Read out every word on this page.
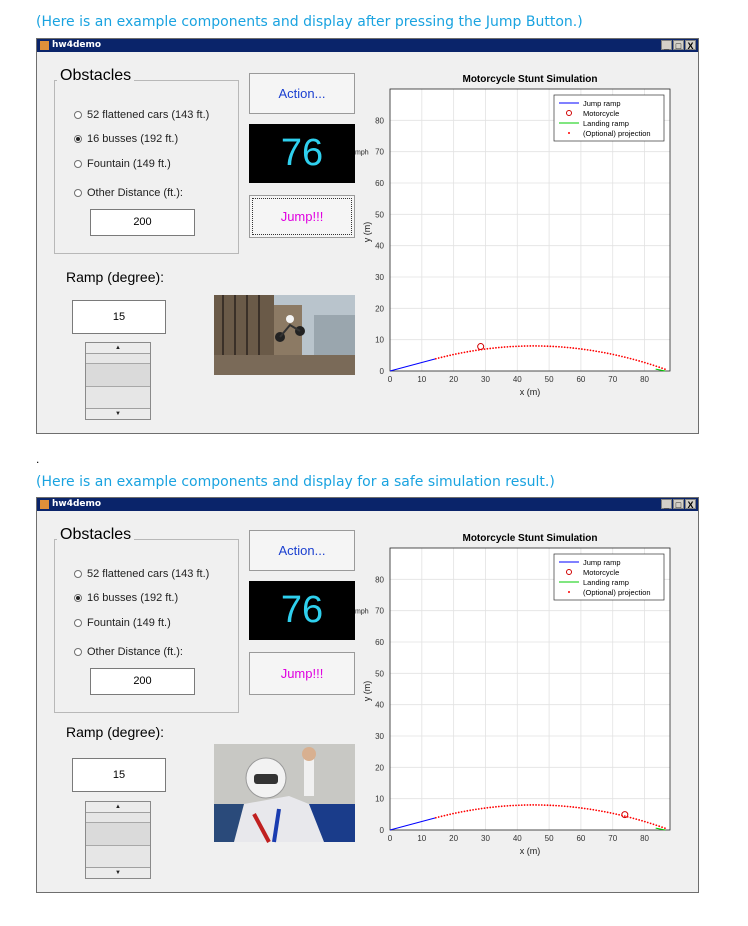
(Here is an example components and display after pressing the Jump Button.)
.
(Here is an example components and display for a safe simulation result.)
hw4demo	_ □ X
Obstacles
52 flattened cars (143 ft.)
16 busses (192 ft.)
Fountain (149 ft.)
Other Distance (ft.):
200
Ramp (degree):
15
▲
▼
Action...
76
Jump!!!
Motorcycle Stunt Simulation
0	10	20	30	40	50	60	70	80
0
10
20
30
40
50
60
70
80
x (m)
y (m)
mph
Jump ramp
Motorcycle
Landing ramp
(Optional) projection
hw4demo	_ □ X
Obstacles
52 flattened cars (143 ft.)
16 busses (192 ft.)
Fountain (149 ft.)
Other Distance (ft.):
200
Ramp (degree):
15
▲
▼
Action...
76
Jump!!!
Motorcycle Stunt Simulation
0	10	20	30	40	50	60	70	80
0
10
20
30
40
50
60
70
80
x (m)
y (m)
mph
Jump ramp
Motorcycle
Landing ramp
(Optional) projection
